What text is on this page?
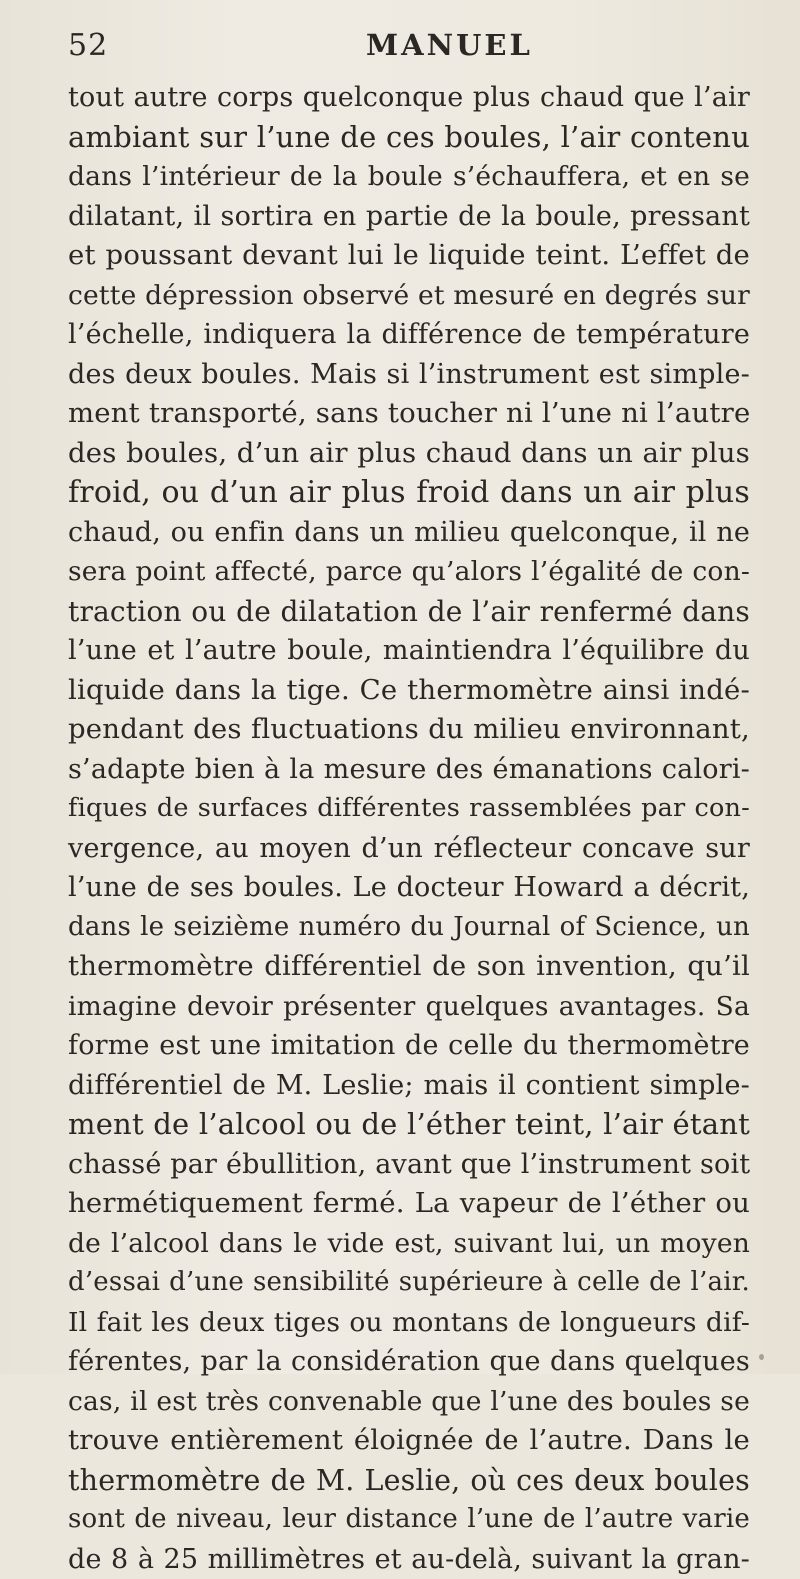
52	MANUEL
tout autre corps quelconque plus chaud que l’air
ambiant sur l’une de ces boules, l’air contenu
dans l’intérieur de la boule s’échauffera, et en se
dilatant, il sortira en partie de la boule, pressant
et poussant devant lui le liquide teint. L’effet de
cette dépression observé et mesuré en degrés sur
l’échelle, indiquera la différence de température
des deux boules. Mais si l’instrument est simple-
ment transporté, sans toucher ni l’une ni l’autre
des boules, d’un air plus chaud dans un air plus
froid, ou d’un air plus froid dans un air plus
chaud, ou enfin dans un milieu quelconque, il ne
sera point affecté, parce qu’alors l’égalité de con-
traction ou de dilatation de l’air renfermé dans
l’une et l’autre boule, maintiendra l’équilibre du
liquide dans la tige. Ce thermomètre ainsi indé-
pendant des fluctuations du milieu environnant,
s’adapte bien à la mesure des émanations calori-
fiques de surfaces différentes rassemblées par con-
vergence, au moyen d’un réflecteur concave sur
l’une de ses boules. Le docteur Howard a décrit,
dans le seizième numéro du Journal of Science, un
thermomètre différentiel de son invention, qu’il
imagine devoir présenter quelques avantages. Sa
forme est une imitation de celle du thermomètre
différentiel de M. Leslie; mais il contient simple-
ment de l’alcool ou de l’éther teint, l’air étant
chassé par ébullition, avant que l’instrument soit
hermétiquement fermé. La vapeur de l’éther ou
de l’alcool dans le vide est, suivant lui, un moyen
d’essai d’une sensibilité supérieure à celle de l’air.
Il fait les deux tiges ou montans de longueurs dif-
férentes, par la considération que dans quelques
cas, il est très convenable que l’une des boules se
trouve entièrement éloignée de l’autre. Dans le
thermomètre de M. Leslie, où ces deux boules
sont de niveau, leur distance l’une de l’autre varie
de 8 à 25 millimètres et au-delà, suivant la gran-
